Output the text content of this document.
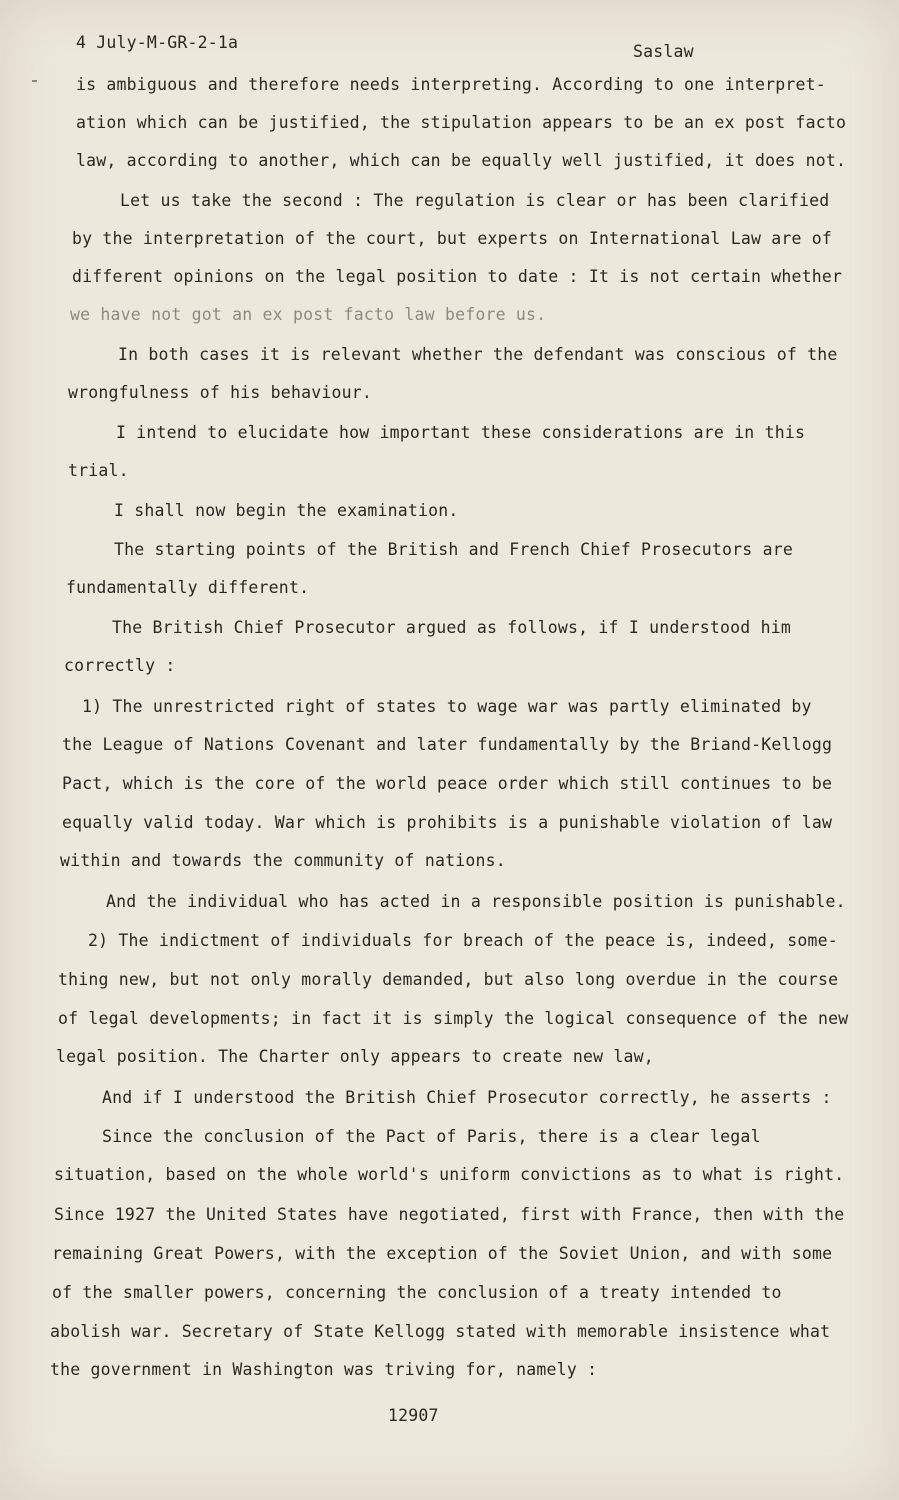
4 July-M-GR-2-1a	Saslaw
is ambiguous and therefore needs interpreting. According to one interpret-
ation which can be justified, the stipulation appears to be an ex post facto
law, according to another, which can be equally well justified, it does not.
Let us take the second : The regulation is clear or has been clarified
by the interpretation of the court, but experts on International Law are of
different opinions on the legal position to date : It is not certain whether
we have not got an ex post facto law before us.
In both cases it is relevant whether the defendant was conscious of the
wrongfulness of his behaviour.
I intend to elucidate how important these considerations are in this
trial.
I shall now begin the examination.
The starting points of the British and French Chief Prosecutors are
fundamentally different.
The British Chief Prosecutor argued as follows, if I understood him
correctly :
1) The unrestricted right of states to wage war was partly eliminated by
the League of Nations Covenant and later fundamentally by the Briand-Kellogg
Pact, which is the core of the world peace order which still continues to be
equally valid today. War which is prohibits is a punishable violation of law
within and towards the community of nations.
And the individual who has acted in a responsible position is punishable.
2) The indictment of individuals for breach of the peace is, indeed, some-
thing new, but not only morally demanded, but also long overdue in the course
of legal developments; in fact it is simply the logical consequence of the new
legal position. The Charter only appears to create new law,
And if I understood the British Chief Prosecutor correctly, he asserts :
Since the conclusion of the Pact of Paris, there is a clear legal
situation, based on the whole world's uniform convictions as to what is right.
Since 1927 the United States have negotiated, first with France, then with the
remaining Great Powers, with the exception of the Soviet Union, and with some
of the smaller powers, concerning the conclusion of a treaty intended to
abolish war. Secretary of State Kellogg stated with memorable insistence what
the government in Washington was triving for, namely :
12907
